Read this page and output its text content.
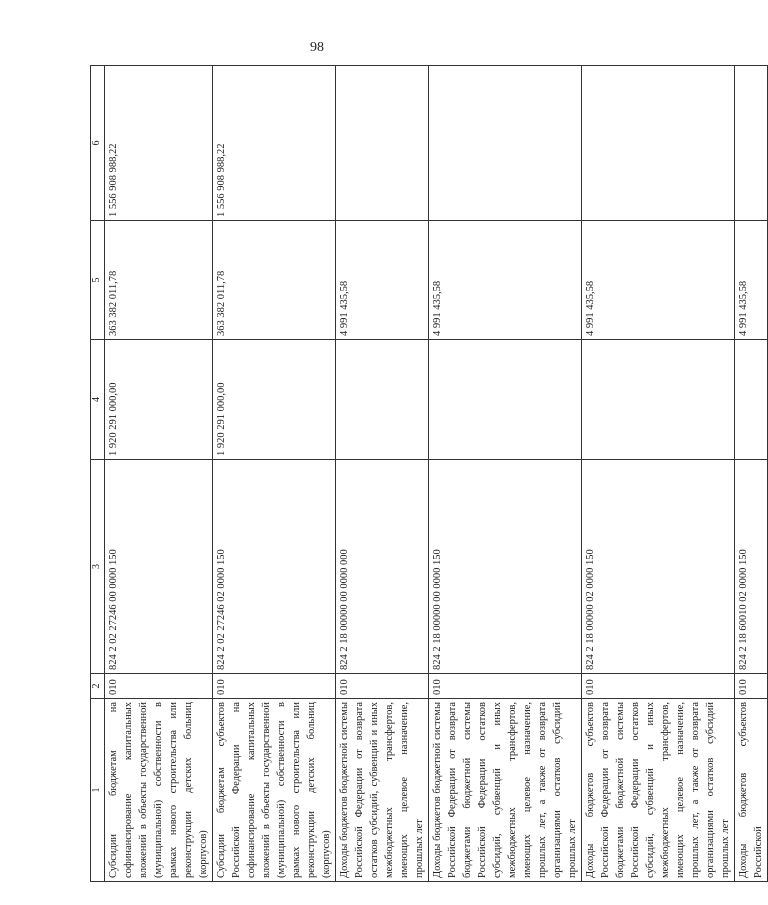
98
1	2	3	4	5	6
Субсидии бюджетам на софинансирование капитальных вложений в объекты государственной (муниципальной) собственности в рамках нового строительства или реконструкции детских больниц (корпусов)	010	824 2 02 27246 00 0000 150	1 920 291 000,00	363 382 011,78	1 556 908 988,22
Субсидии бюджетам субъектов Российской Федерации на софинансирование капитальных вложений в объекты государственной (муниципальной) собственности в рамках нового строительства или реконструкции детских больниц (корпусов)	010	824 2 02 27246 02 0000 150	1 920 291 000,00	363 382 011,78	1 556 908 988,22
Доходы бюджетов бюджетной системы Российской Федерации от возврата остатков субсидий, субвенций и иных межбюджетных трансфертов, имеющих целевое назначение, прошлых лет	010	824 2 18 00000 00 0000 000		4 991 435,58	
Доходы бюджетов бюджетной системы Российской Федерации от возврата бюджетами бюджетной системы Российской Федерации остатков субсидий, субвенций и иных межбюджетных трансфертов, имеющих целевое назначение, прошлых лет, а также от возврата организациями остатков субсидий прошлых лет	010	824 2 18 00000 00 0000 150		4 991 435,58	
Доходы бюджетов субъектов Российской Федерации от возврата бюджетами бюджетной системы Российской Федерации остатков субсидий, субвенций и иных межбюджетных трансфертов, имеющих целевое назначение, прошлых лет, а также от возврата организациями остатков субсидий прошлых лет	010	824 2 18 00000 02 0000 150		4 991 435,58	
Доходы бюджетов субъектов Российской	010	824 2 18 60010 02 0000 150		4 991 435,58	
